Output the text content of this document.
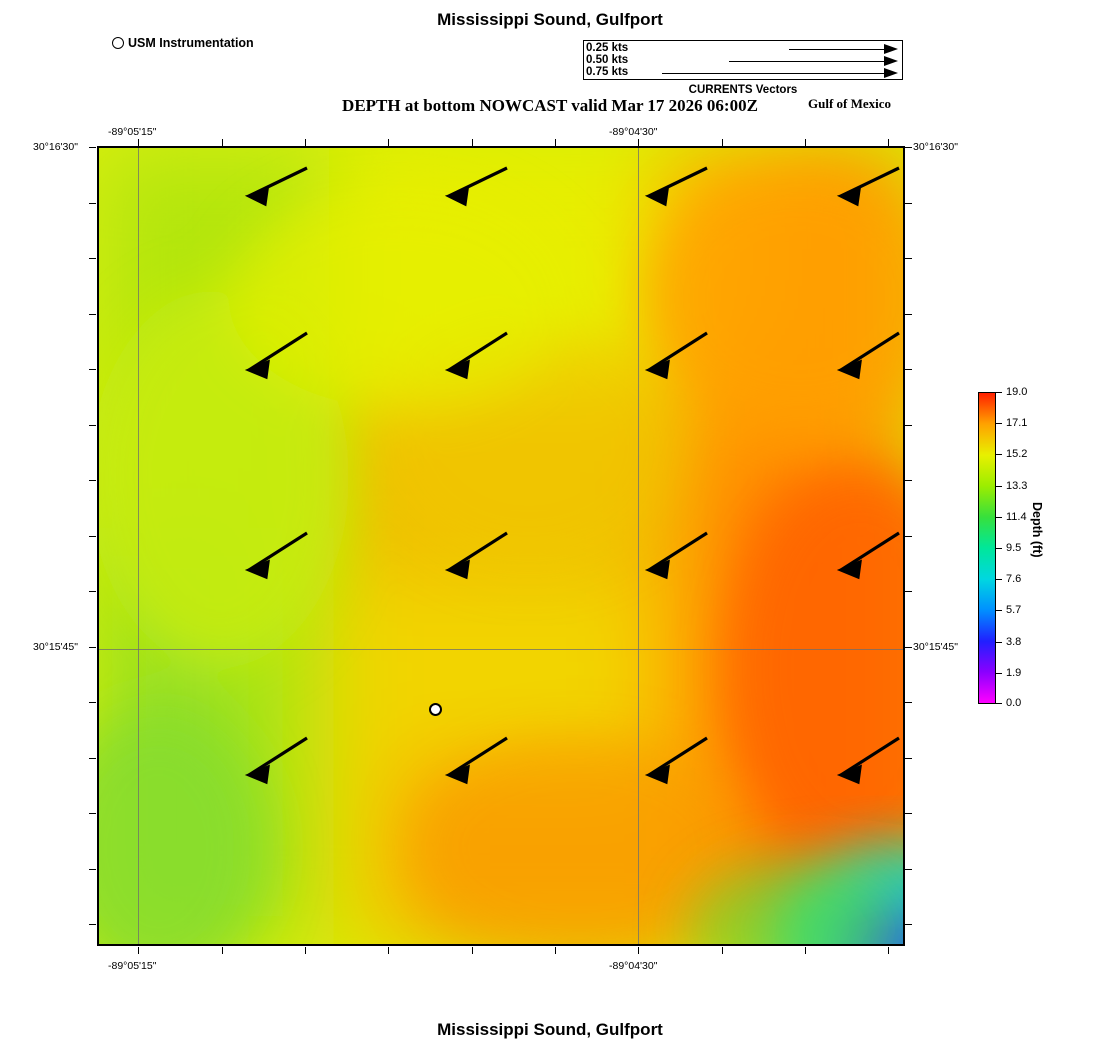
Mississippi Sound, Gulfport
DEPTH at bottom NOWCAST valid Mar 17 2026 06:00Z	Gulf of Mexico
Mississippi Sound, Gulfport
USM Instrumentation	0.25 kts
0.50 kts
0.75 kts
CURRENTS Vectors
-89°05'15"	-89°04'30"
-89°05'15"	-89°04'30"
30°16'30"
30°15'45"
30°16'30"
30°15'45"
19.0
17.1
15.2
13.3
11.4
9.5
7.6
5.7
3.8
1.9
0.0
Depth (ft)
